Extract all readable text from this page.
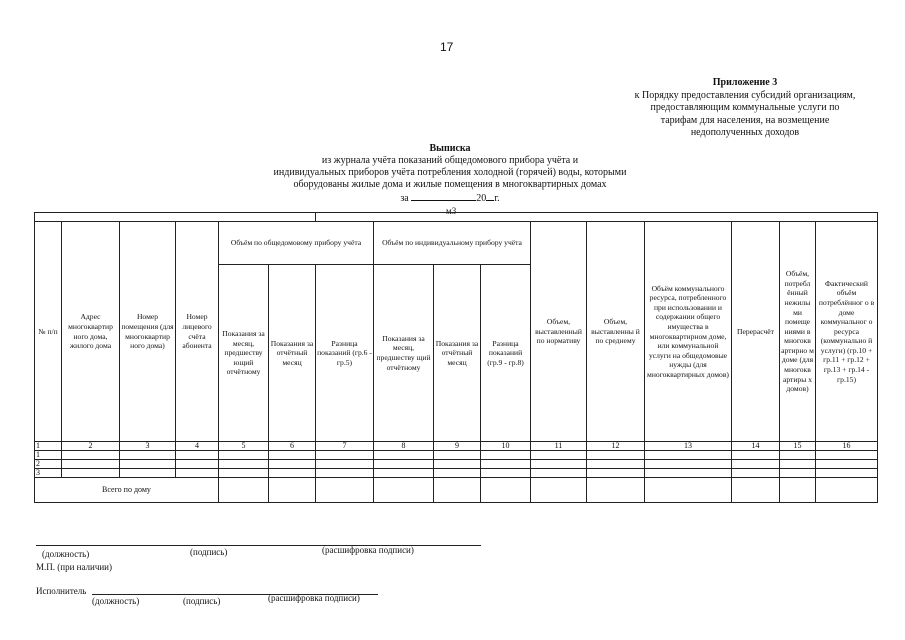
17
Приложение 3
к Порядку предоставления субсидий организациям,
предоставляющим коммунальные услуги по
тарифам для населения, на возмещение
недополученных доходов
Выписка
из журнала учёта показаний общедомового прибора учёта и
индивидуальных приборов учёта потребления холодной (горячей) воды, которыми
оборудованы жилые дома и жилые помещения в многоквартирных домах
за	20 г.
м3

№ п/п	Адрес многоквартир ного дома, жилого дома	Номер помещения (для многоквартир ного дома)	Номер лицевого счёта абонента	Объём по общедомовому прибору учёта			Объём по индивидуальному прибору учёта			Объем, выставленный по нормативу	Объем, выставленны й по среднему	Объём коммунального ресурса, потребленного при использовании и содержании общего имущества в многоквартирном доме, или коммунальной услуги на общедомовые нужды (для многоквартирных домов)	Перерасчёт	Объём, потребл ённый нежилы ми помеще ниями в многокв артирно м доме (для многокв артиры х домов)	Фактический объём потреблённог о в доме коммунальног о ресурса (коммунально й услуги) (гр.10 + гр.11 + гр.12 + гр.13 + гр.14 - гр.15)
				Показания за месяц, предшеству ющий отчётному	Показания за отчётный месяц	Разница показаний (гр.6 - гр.5)	Показания за месяц, предшеству щий отчётному	Показания за отчётный месяц	Разница показаний (гр.9 - гр.8)						
1	2	3	4	5	6	7	8	9	10	11	12	13	14	15	16
1															
2															
3															
Всего по дому															
(должность)	(подпись)	(расшифровка подписи)
М.П. (при наличии)
Исполнитель
(должность)	(подпись)	(расшифровка подписи)
